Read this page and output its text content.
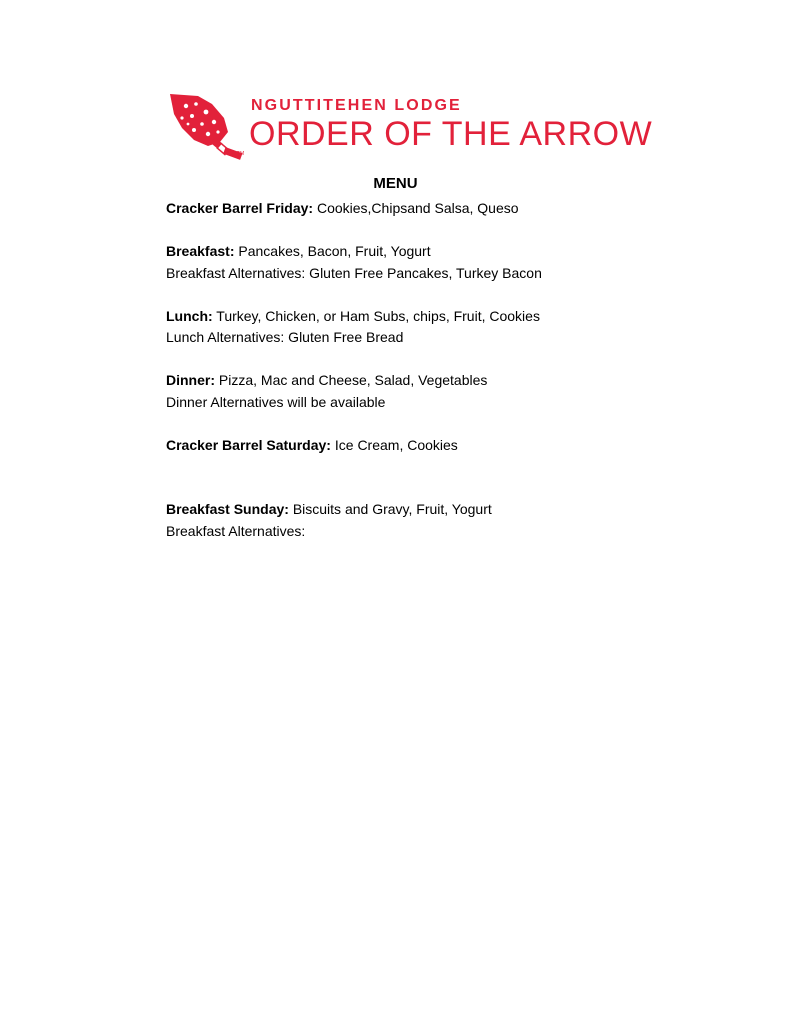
TM
NGUTTITEHEN LODGE
ORDER OF THE ARROW
MENU
Cracker Barrel Friday: Cookies,Chipsand Salsa, Queso
Breakfast: Pancakes, Bacon, Fruit, Yogurt
Breakfast Alternatives: Gluten Free Pancakes, Turkey Bacon
Lunch: Turkey, Chicken, or Ham Subs, chips, Fruit, Cookies
Lunch Alternatives: Gluten Free Bread
Dinner: Pizza, Mac and Cheese, Salad, Vegetables
Dinner Alternatives will be available
Cracker Barrel Saturday: Ice Cream, Cookies
Breakfast Sunday: Biscuits and Gravy, Fruit, Yogurt
Breakfast Alternatives:
